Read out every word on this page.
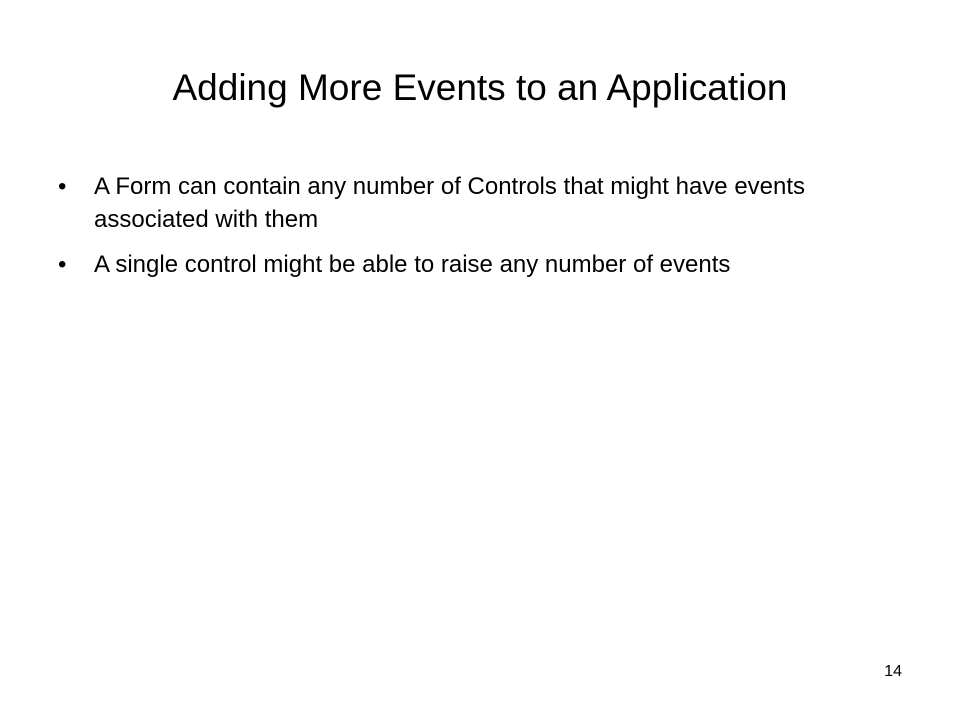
Adding More Events to an Application
• A Form can contain any number of Controls that might have events associated with them
• A single control might be able to raise any number of events
14
